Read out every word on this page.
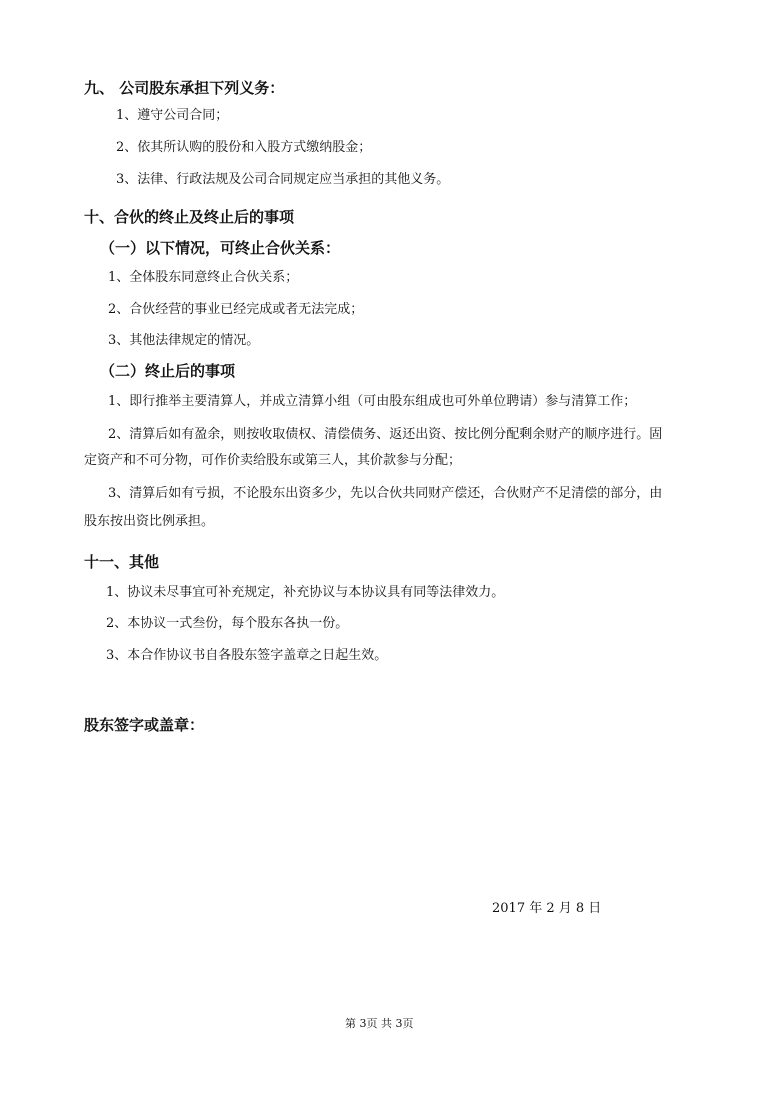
九、 公司股东承担下列义务：
1、遵守公司合同；
2、依其所认购的股份和入股方式缴纳股金；
3、法律、行政法规及公司合同规定应当承担的其他义务。
十、合伙的终止及终止后的事项
（一）以下情况，可终止合伙关系：
1、全体股东同意终止合伙关系；
2、合伙经营的事业已经完成或者无法完成；
3、其他法律规定的情况。
（二）终止后的事项
1、即行推举主要清算人，并成立清算小组（可由股东组成也可外单位聘请）参与清算工作；
2、清算后如有盈余，则按收取债权、清偿债务、返还出资、按比例分配剩余财产的顺序进行。固
定资产和不可分物，可作价卖给股东或第三人，其价款参与分配；
3、清算后如有亏损，不论股东出资多少，先以合伙共同财产偿还，合伙财产不足清偿的部分，由
股东按出资比例承担。
十一、其他
1、协议未尽事宜可补充规定，补充协议与本协议具有同等法律效力。
2、本协议一式叁份，每个股东各执一份。
3、本合作协议书自各股东签字盖章之日起生效。
股东签字或盖章：
2017 年 2 月 8 日
第 3页 共 3页
